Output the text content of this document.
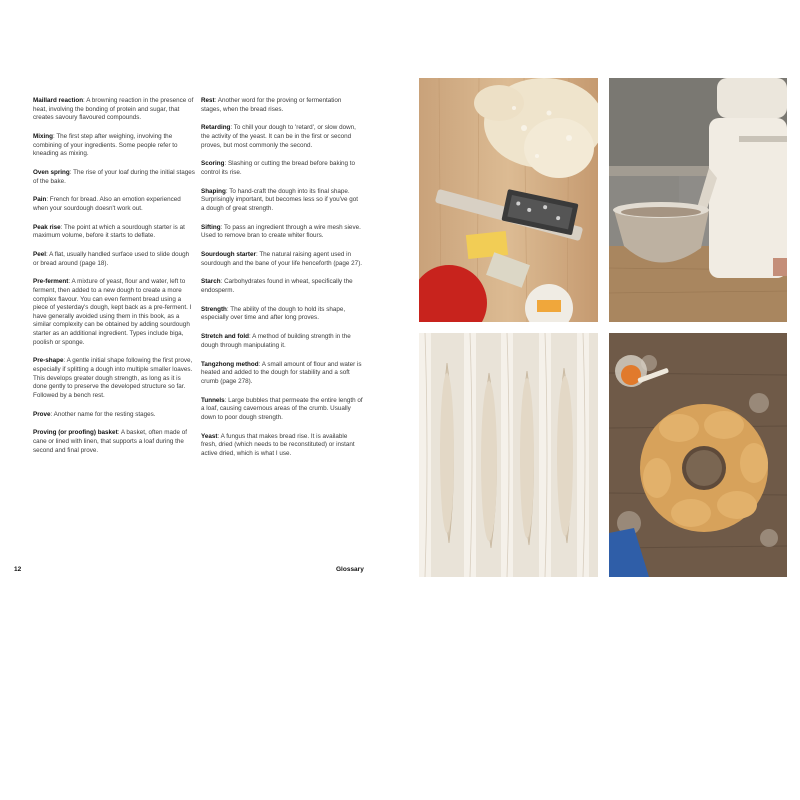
Maillard reaction: A browning reaction in the presence of heat, involving the bonding of protein and sugar, that creates savoury flavoured compounds.

Mixing: The first step after weighing, involving the combining of your ingredients. Some people refer to kneading as mixing.

Oven spring: The rise of your loaf during the initial stages of the bake.

Pain: French for bread. Also an emotion experienced when your sourdough doesn't work out.

Peak rise: The point at which a sourdough starter is at maximum volume, before it starts to deflate.

Peel: A flat, usually handled surface used to slide dough or bread around (page 18).

Pre-ferment: A mixture of yeast, flour and water, left to ferment, then added to a new dough to create a more complex flavour. You can even ferment bread using a piece of yesterday's dough, kept back as a pre-ferment. I have generally avoided using them in this book, as a similar complexity can be obtained by adding sourdough starter as an additional ingredient. Types include biga, poolish or sponge.

Pre-shape: A gentle initial shape following the first prove, especially if splitting a dough into multiple smaller loaves. This develops greater dough strength, as long as it is done gently to preserve the developed structure so far. Followed by a bench rest.

Prove: Another name for the resting stages.

Proving (or proofing) basket: A basket, often made of cane or lined with linen, that supports a loaf during the second and final prove.

Rest: Another word for the proving or fermentation stages, when the bread rises.

Retarding: To chill your dough to 'retard', or slow down, the activity of the yeast. It can be in the first or second proves, but most commonly the second.

Scoring: Slashing or cutting the bread before baking to control its rise.

Shaping: To hand-craft the dough into its final shape. Surprisingly important, but becomes less so if you've got a dough of great strength.

Sifting: To pass an ingredient through a wire mesh sieve. Used to remove bran to create whiter flours.

Sourdough starter: The natural raising agent used in sourdough and the bane of your life henceforth (page 27).

Starch: Carbohydrates found in wheat, specifically the endosperm.

Strength: The ability of the dough to hold its shape, especially over time and after long proves.

Stretch and fold: A method of building strength in the dough through manipulating it.

Tangzhong method: A small amount of flour and water is heated and added to the dough for stability and a soft crumb (page 278).

Tunnels: Large bubbles that permeate the entire length of a loaf, causing cavernous areas of the crumb. Usually down to poor dough strength.

Yeast: A fungus that makes bread rise. It is available fresh, dried (which needs to be reconstituted) or instant active dried, which is what I use.

12	Glossary
